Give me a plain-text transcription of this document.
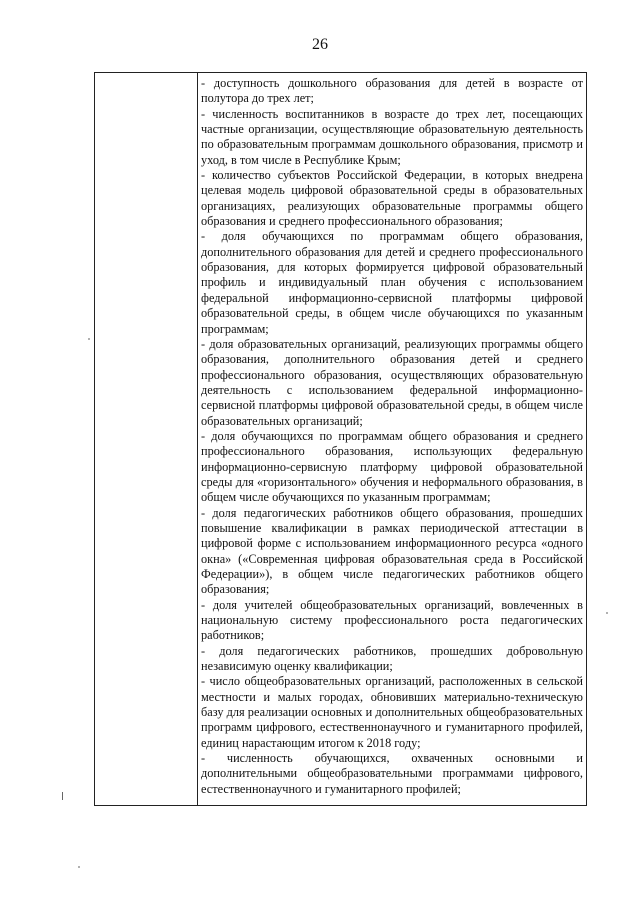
26

- доступность дошкольного образования для детей в возрасте от полутора до трех лет;

- численность воспитанников в возрасте до трех лет, посещающих частные организации, осуществляющие образовательную деятельность по образовательным программам дошкольного образования, присмотр и уход, в том числе в Республике Крым;

- количество субъектов Российской Федерации, в которых внедрена целевая модель цифровой образовательной среды в образовательных организациях, реализующих образовательные программы общего образования и среднего профессионального образования;

- доля обучающихся по программам общего образования, дополнительного образования для детей и среднего профессионального образования, для которых формируется цифровой образовательный профиль и индивидуальный план обучения с использованием федеральной информационно-сервисной платформы цифровой образовательной среды, в общем числе обучающихся по указанным программам;

- доля образовательных организаций, реализующих программы общего образования, дополнительного образования детей и среднего профессионального образования, осуществляющих образовательную деятельность с использованием федеральной информационно-сервисной платформы цифровой образовательной среды, в общем числе образовательных организаций;

- доля обучающихся по программам общего образования и среднего профессионального образования, использующих федеральную информационно-сервисную платформу цифровой образовательной среды для «горизонтального» обучения и неформального образования, в общем числе обучающихся по указанным программам;

- доля педагогических работников общего образования, прошедших повышение квалификации в рамках периодической аттестации в цифровой форме с использованием информационного ресурса «одного окна» («Современная цифровая образовательная среда в Российской Федерации»), в общем числе педагогических работников общего образования;

- доля учителей общеобразовательных организаций, вовлеченных в национальную систему профессионального роста педагогических работников;

- доля педагогических работников, прошедших добровольную независимую оценку квалификации;

- число общеобразовательных организаций, расположенных в сельской местности и малых городах, обновивших материально-техническую базу для реализации основных и дополнительных общеобразовательных программ цифрового, естественнонаучного и гуманитарного профилей, единиц нарастающим итогом к 2018 году;

- численность обучающихся, охваченных основными и дополнительными общеобразовательными программами цифрового, естественнонаучного и гуманитарного профилей;
